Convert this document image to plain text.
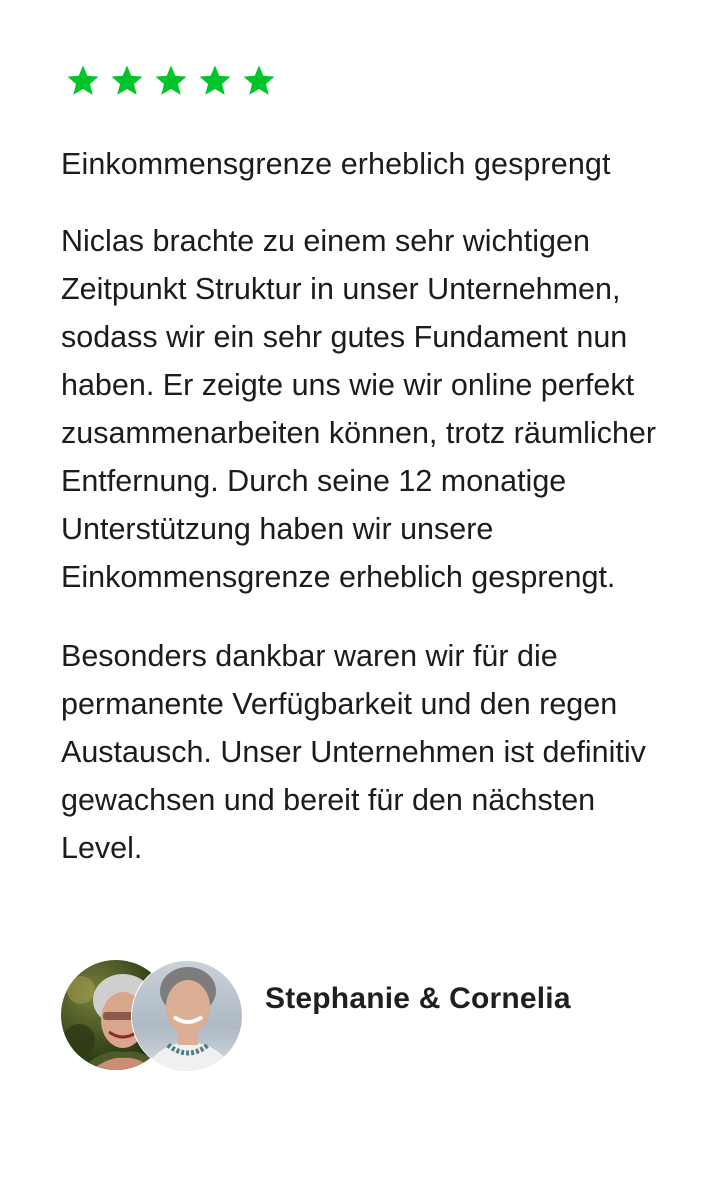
Einkommensgrenze erheblich gesprengt

Niclas brachte zu einem sehr wichtigen Zeitpunkt Struktur in unser Unternehmen, sodass wir ein sehr gutes Fundament nun haben. Er zeigte uns wie wir online perfekt zusammenarbeiten können, trotz räumlicher Entfernung. Durch seine 12 monatige Unterstützung haben wir unsere Einkommensgrenze erheblich gesprengt.

Besonders dankbar waren wir für die permanente Verfügbarkeit und den regen Austausch. Unser Unternehmen ist definitiv gewachsen und bereit für den nächsten Level.

Stephanie & Cornelia
